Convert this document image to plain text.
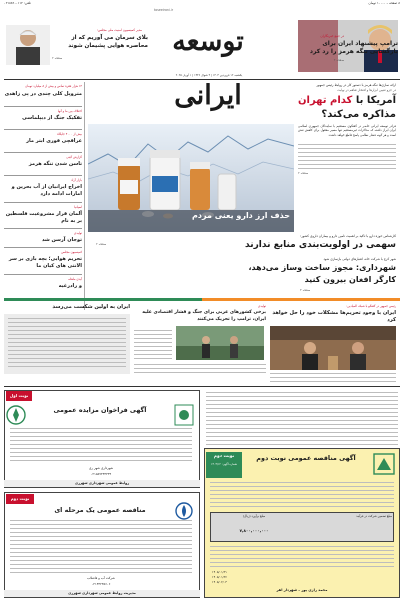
۸ صفحه – ۱۰۰۰۰ تومان
تلفن: ۰۲۱۸۸۹۰۰۱۱۲
toseeirani.ir
در جمع خبرنگاران
ترامپ پیشنهاد ایران برای بازگشایی تنگه هرمز را رد کرد
صفحه ۲
توسعه ایرانی
مدیر کمیسیون امنیت ملی مجلس:
بلای سرمان می آوریم که از محاصره هوایی پشیمان شوند
صفحه ۲
یکشنبه ۱۲ فروردین ۱۴۰۴ | ۳ شوال ۱۴۴۶ | ۱ آوریل ۲۰۲۵
۱۳ هزار فقره تماس و بیش از ۸ میلیارد تومان
متروپل کلی چندی در پی زاهدی
اختلاف بین ما و آنها
تفکیک جنگ از دیپلماسی
بیش از ۴۰۰۰ جایگاه
عراقچی فوری ابتر مار
گزارش گیتی
تاسن شدن تنگه هرمز
بازار آزاد
اخراج ایرانیان از آب بحرین و امارات ادامه دارد
اسپانیا
آلمان قرار مشروعیت فلسطین بر به نام
تولیدی
توجان آرسن شد
کمیسیون مجلس
تحریم هوایی؛ بچه بازی بر سر الانتی های کیان ما
آیدی ماهانه
و رادرغیه
ارائه سازی‌ها تنگه هرمز با دستور کار در روابط رئیس جمهور
در جزو تعیین ابزارها و افتخار تفاهم در نهایت
آمریکا با کدام تهران
مذاکره می‌کند؟
فرادر توسعه ایرانی حاضر در گفتگوی مستقیم با نمایندگان جمهوری اسلامی ایران ابراز داشته که مذاکرات غیرمستقیم تنها مسیر معقول برای کاهش تنش است و هر گونه فشار نظامی پاسخ قاطع خواهد داشت
صفحه ۲
حذف ارز دارو یعنی مردم
کارشناس حوزه دارو با تاکید بر اهمیت تامین دارو و بیماران داروی کشور:
سهمی در اولویت‌بندی منابع ندارند
صفحه ۲
شهر کرج با شرکت خانه اعتبارهای دولتی بازسازی شود
شهرداری: مجوز ساخت وساز می‌دهد،
کارگر افغان بیرون کنید
صفحه ۳
رئیس جمهور در گفتگو با شبکه المیادین:
ایران با وجود تحریم‌ها مشکلات خود را حل خواهد کرد
تولیدی
برخی کشورهای عربی برای جنگ و فشار اقتصادی علیه ایران، ترامپ را تحریک می‌کنند
ایران به اولین شکست می‌رسد
نوبت اول
آگهی فراخوان مزایده عمومی
شهرداری شهر ری
۰۲۱۵۵۹۴۴۴۴۴۴
روابط عمومی شهرداری شهرری
نوبت دوم
شماره آگهی: ۱۴۰۴/۱۲
آگهی مناقصه عمومی نوبت دوم
مبلغ تضمین شرکت در فرآیند
مبلغ برآورد (ریال)
۷,۸۰۰,۰۰۰,۰۰۰
۱۴۰۵/۰۱/۲۱
۱۴۰۵/۰۱/۲۶
۱۴۰۵/۰۲/۰۳
محمد رازی پور – شهردار اهر
نوبت دوم
مناقصه عمومی یک مرحله ای
شرکت آب و فاضلاب
۰۲۱۴۴۲۴۵۶۰۶
مدیریت روابط عمومی شهرداری شهرری
